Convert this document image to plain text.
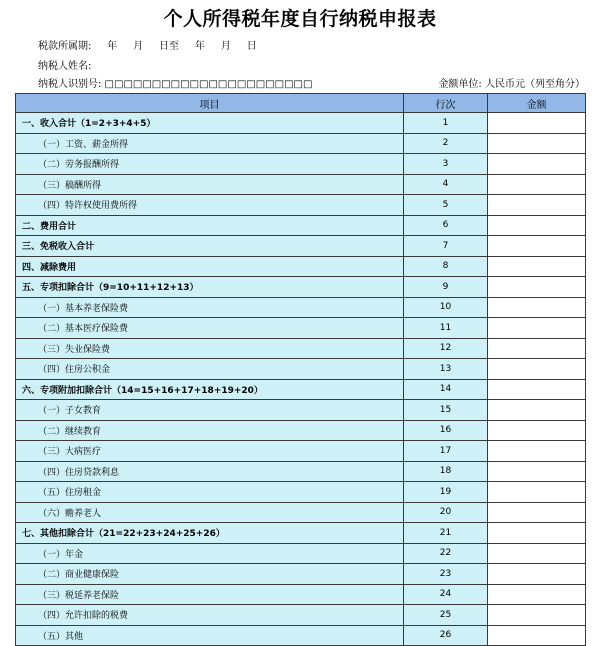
个人所得税年度自行纳税申报表
税款所属期:     年     月     日至     年     月     日
纳税人姓名:
纳税人识别号: □□□□□□□□□□□□□□□□□□□□□□	金额单位: 人民币元（列至角分）
项目	行次	金额
一、收入合计（1=2+3+4+5）	1	
（一）工资、薪金所得	2	
（二）劳务报酬所得	3	
（三）稿酬所得	4	
（四）特许权使用费所得	5	
二、费用合计	6	
三、免税收入合计	7	
四、减除费用	8	
五、专项扣除合计（9=10+11+12+13）	9	
（一）基本养老保险费	10	
（二）基本医疗保险费	11	
（三）失业保险费	12	
（四）住房公积金	13	
六、专项附加扣除合计（14=15+16+17+18+19+20）	14	
（一）子女教育	15	
（二）继续教育	16	
（三）大病医疗	17	
（四）住房贷款利息	18	
（五）住房租金	19	
（六）赡养老人	20	
七、其他扣除合计（21=22+23+24+25+26）	21	
（一）年金	22	
（二）商业健康保险	23	
（三）税延养老保险	24	
（四）允许扣除的税费	25	
（五）其他	26	
